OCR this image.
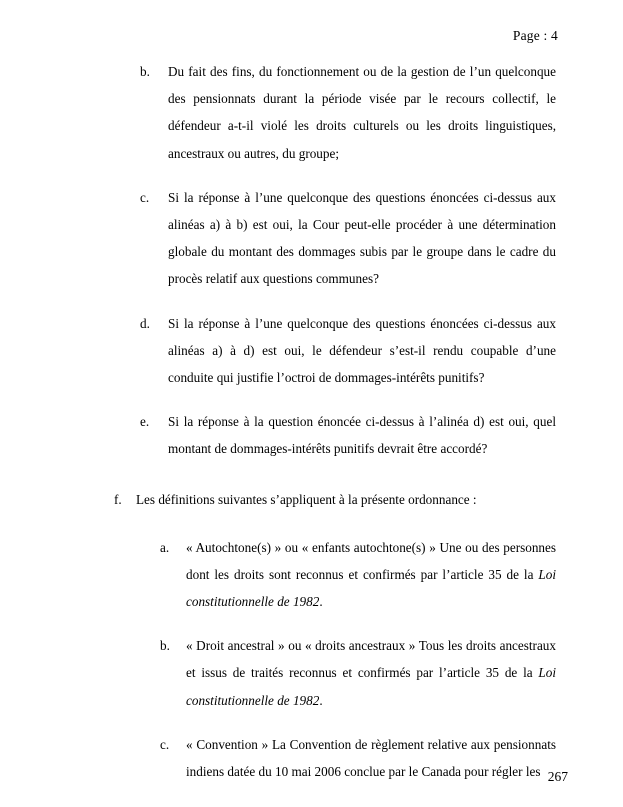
Page : 4
b.	Du fait des fins, du fonctionnement ou de la gestion de l’un quelconque des pensionnats durant la période visée par le recours collectif, le défendeur a-t-il violé les droits culturels ou les droits linguistiques, ancestraux ou autres, du groupe;
c.	Si la réponse à l’une quelconque des questions énoncées ci-dessus aux alinéas a) à b) est oui, la Cour peut-elle procéder à une détermination globale du montant des dommages subis par le groupe dans le cadre du procès relatif aux questions communes?
d.	Si la réponse à l’une quelconque des questions énoncées ci-dessus aux alinéas a) à d) est oui, le défendeur s’est-il rendu coupable d’une conduite qui justifie l’octroi de dommages-intérêts punitifs?
e.	Si la réponse à la question énoncée ci-dessus à l’alinéa d) est oui, quel montant de dommages-intérêts punitifs devrait être accordé?
f.	Les définitions suivantes s’appliquent à la présente ordonnance :
a.	« Autochtone(s) » ou « enfants autochtone(s) » Une ou des personnes dont les droits sont reconnus et confirmés par l’article 35 de la Loi constitutionnelle de 1982.
b.	« Droit ancestral » ou « droits ancestraux » Tous les droits ancestraux et issus de traités reconnus et confirmés par l’article 35 de la Loi constitutionnelle de 1982.
c.	« Convention » La Convention de règlement relative aux pensionnats indiens datée du 10 mai 2006 conclue par le Canada pour régler les 267
